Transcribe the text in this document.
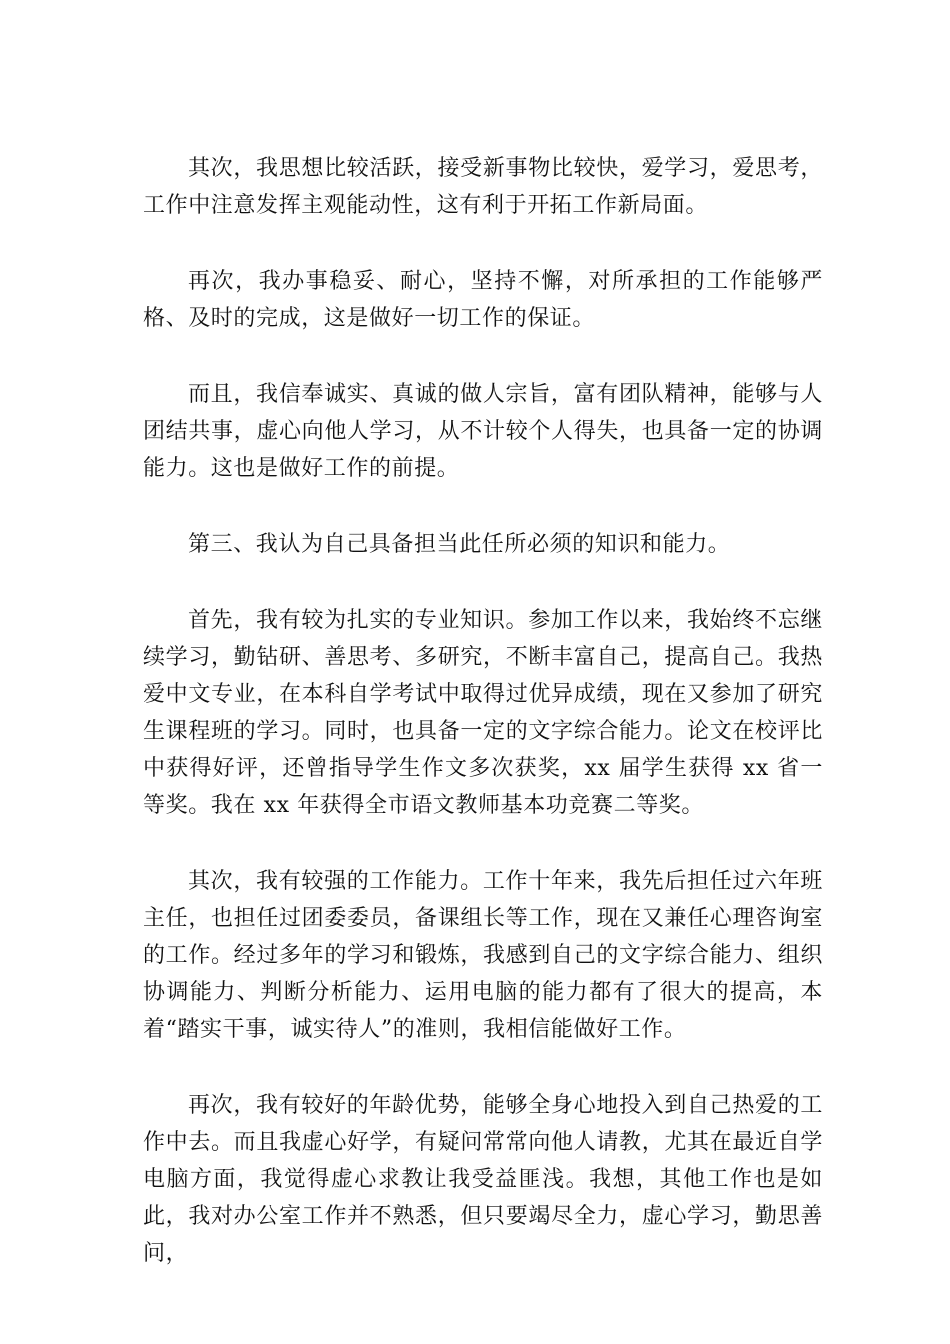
其次，我思想比较活跃，接受新事物比较快，爱学习，爱思考，工作中注意发挥主观能动性，这有利于开拓工作新局面。

再次，我办事稳妥、耐心，坚持不懈，对所承担的工作能够严格、及时的完成，这是做好一切工作的保证。

而且，我信奉诚实、真诚的做人宗旨，富有团队精神，能够与人团结共事，虚心向他人学习，从不计较个人得失，也具备一定的协调能力。这也是做好工作的前提。

第三、我认为自己具备担当此任所必须的知识和能力。

首先，我有较为扎实的专业知识。参加工作以来，我始终不忘继续学习，勤钻研、善思考、多研究，不断丰富自己，提高自己。我热爱中文专业，在本科自学考试中取得过优异成绩，现在又参加了研究生课程班的学习。同时，也具备一定的文字综合能力。论文在校评比中获得好评，还曾指导学生作文多次获奖，xx 届学生获得 xx 省一等奖。我在 xx 年获得全市语文教师基本功竞赛二等奖。

其次，我有较强的工作能力。工作十年来，我先后担任过六年班主任，也担任过团委委员，备课组长等工作，现在又兼任心理咨询室的工作。经过多年的学习和锻炼，我感到自己的文字综合能力、组织协调能力、判断分析能力、运用电脑的能力都有了很大的提高，本着“踏实干事，诚实待人”的准则，我相信能做好工作。

再次，我有较好的年龄优势，能够全身心地投入到自己热爱的工作中去。而且我虚心好学，有疑问常常向他人请教，尤其在最近自学电脑方面，我觉得虚心求教让我受益匪浅。我想，其他工作也是如此，我对办公室工作并不熟悉，但只要竭尽全力，虚心学习，勤思善问，
